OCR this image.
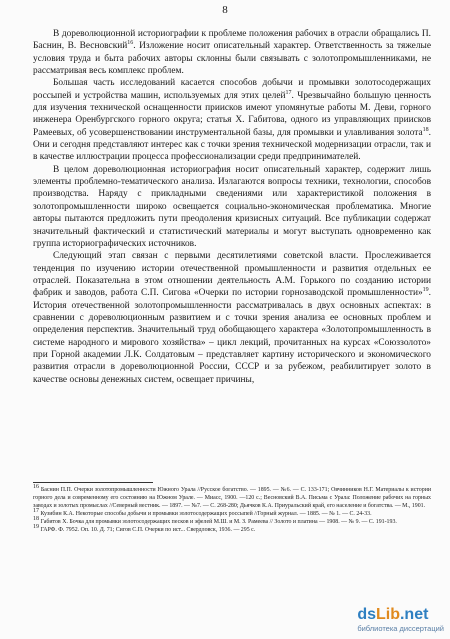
8

В дореволюционной историографии к проблеме положения рабочих в отрасли обращались П. Баснин, В. Весновский$^{16}$. Изложение носит описательный характер. Ответственность за тяжелые условия труда и быта рабочих авторы склонны были связывать с золотопромышленниками, не рассматривая весь комплекс проблем.

Большая часть исследований касается способов добычи и промывки золотосодержащих россыпей и устройства машин, используемых для этих целей$^{17}$. Чрезвычайно большую ценность для изучения технической оснащенности приисков имеют упомянутые работы М. Деви, горного инженера Оренбургского горного округа; статья Х. Габитова, одного из управляющих приисков Рамеевых, об усовершенствовании инструментальной базы, для промывки и улавливания золота$^{18}$. Они и сегодня представляют интерес как с точки зрения технической модернизации отрасли, так и в качестве иллюстрации процесса профессионализации среди предпринимателей.

В целом дореволюционная историография носит описательный характер, содержит лишь элементы проблемно-тематического анализа. Излагаются вопросы техники, технологии, способов производства. Наряду с прикладными сведениями или характеристикой положения в золотопромышленности широко освещается социально-экономическая проблематика. Многие авторы пытаются предложить пути преодоления кризисных ситуаций. Все публикации содержат значительный фактический и статистический материалы и могут выступать одновременно как группа историографических источников.

Следующий этап связан с первыми десятилетиями советской власти. Прослеживается тенденция по изучению истории отечественной промышленности и развития отдельных ее отраслей. Показательна в этом отношении деятельность А.М. Горького по созданию истории фабрик и заводов, работа С.П. Сигова «Очерки по истории горнозаводской промышленности»$^{19}$. История отечественной золотопромышленности рассматривалась в двух основных аспектах: в сравнении с дореволюционным развитием и с точки зрения анализа ее основных проблем и определения перспектив. Значительный труд обобщающего характера «Золотопромышленность в системе народного и мирового хозяйства» – цикл лекций, прочитанных на курсах «Союззолото» при Горной академии Л.К. Солдатовым – представляет картину исторического и экономического развития отрасли в дореволюционной России, СССР и за рубежом, реабилитирует золото в качестве основы денежных систем, освещает причины,

$^{16}$ Баснин П.П. Очерки золотопромышленности Южного Урала //Русское богатство. — 1895. — №6. — С. 133-171; Овчинников Н.Г. Материалы к истории горного дела и современному его состоянию на Южном Урале. — Миасс, 1900. —120 с.; Весновский В.А. Письма с Урала: Положение рабочих на горных заводах и золотых промыслах //Северный вестник. — 1897. — №7. — С. 268-280; Дьячков К.А. Приуральский край, его население и богатства. — М., 1901.

$^{17}$ Кузибин К.А. Некоторые способы добычи и промывки золотосодержащих россыпей //Горный журнал. — 1885. — № 1. — С. 24-33.

$^{18}$ Габитов Х. Бочка для промывки золотосодержащих песков и эфелей М.Ш. и М. З. Рамеева // Золото и платина — 1908. — № 9. — С. 191-193.

$^{19}$ ГАРФ. Ф. 7952. Оп. 10. Д. 71; Сигов С.П. Очерки по ист... Свердловск, 1936. — 295 с.

dsLib.net
библиотека диссертаций
